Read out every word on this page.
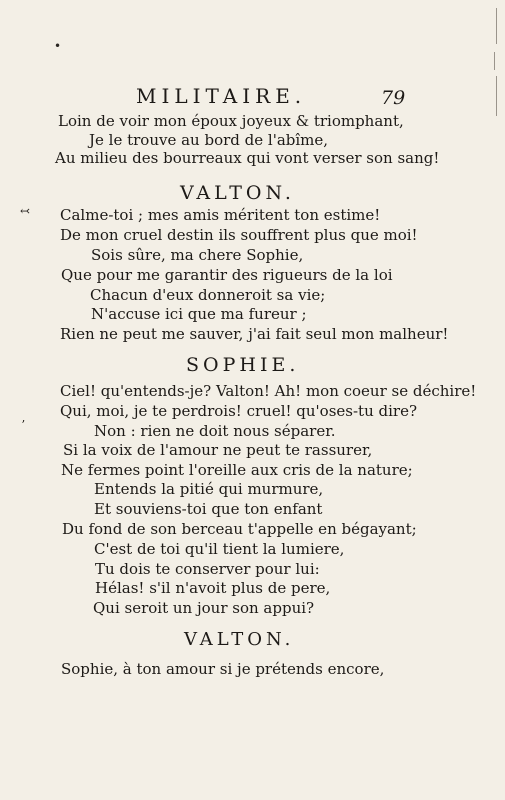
MILITAIRE.	79
Loin de voir mon époux joyeux & triomphant,
Je le trouve au bord de l'abîme,
Au milieu des bourreaux qui vont verser son sang!
VALTON.
Calme-toi ; mes amis méritent ton estime!
De mon cruel destin ils souffrent plus que moi!
Sois sûre, ma chere Sophie,
Que pour me garantir des rigueurs de la loi
Chacun d'eux donneroit sa vie;
N'accuse ici que ma fureur ;
Rien ne peut me sauver, j'ai fait seul mon malheur!
SOPHIE.
Ciel! qu'entends-je? Valton! Ah! mon coeur se déchire!
Qui, moi, je te perdrois! cruel! qu'oses-tu dire?
Non : rien ne doit nous séparer.
Si la voix de l'amour ne peut te rassurer,
Ne fermes point l'oreille aux cris de la nature;
Entends la pitié qui murmure,
Et souviens-toi que ton enfant
Du fond de son berceau t'appelle en bégayant;
C'est de toi qu'il tient la lumiere,
Tu dois te conserver pour lui:
Hélas! s'il n'avoit plus de pere,
Qui seroit un jour son appui?
VALTON.
Sophie, à ton amour si je prétends encore,
•
↢
ʼ
